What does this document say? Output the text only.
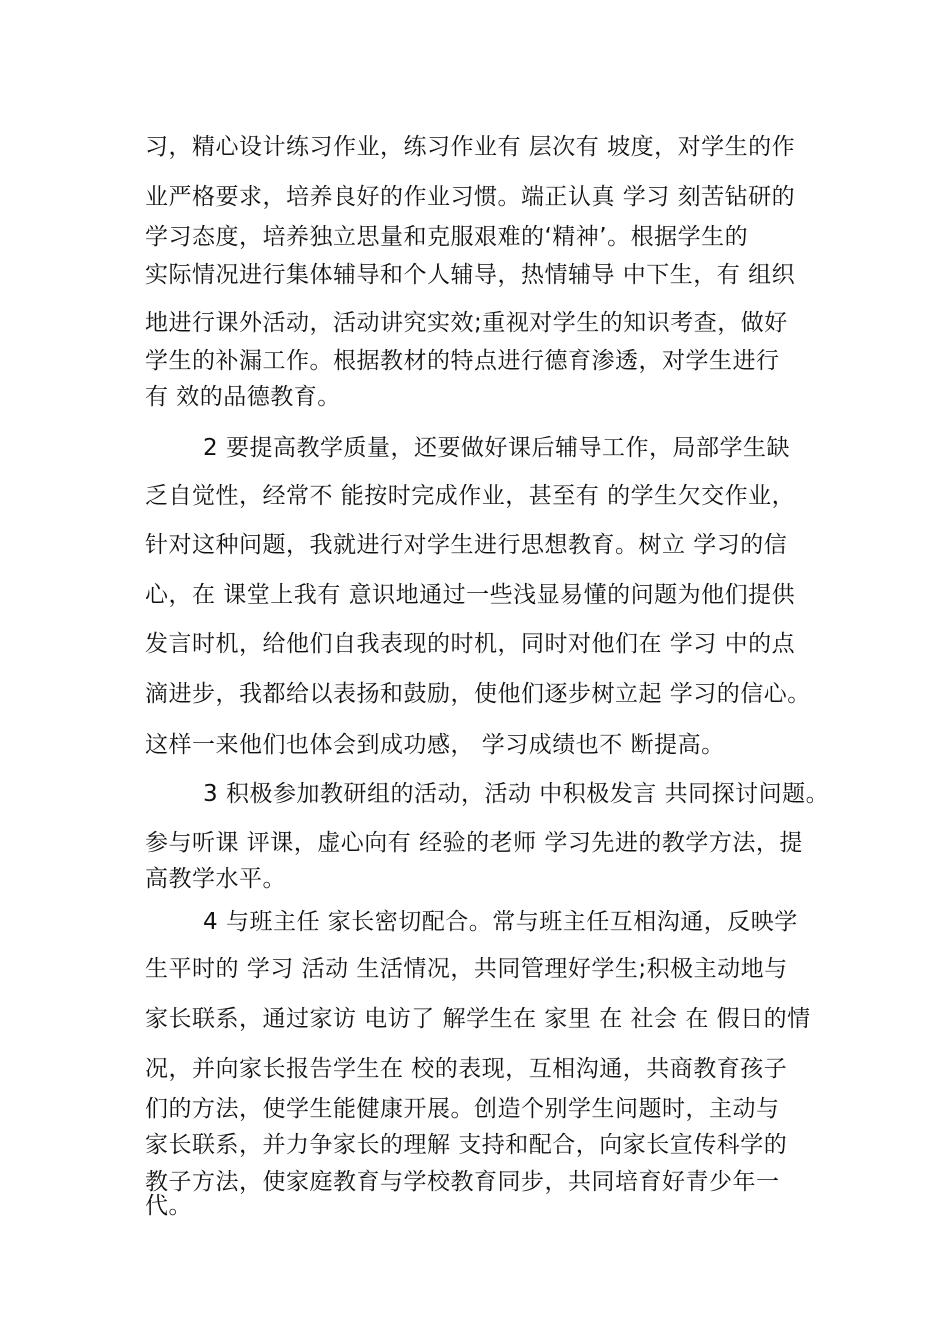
习，精心设计练习作业，练习作业有 层次有 坡度，对学生的作
业严格要求，培养良好的作业习惯。端正认真 学习 刻苦钻研的
学习态度，培养独立思量和克服艰难的‘精神’。根据学生的
实际情况进行集体辅导和个人辅导，热情辅导 中下生，有 组织
地进行课外活动，活动讲究实效;重视对学生的知识考查，做好
学生的补漏工作。根据教材的特点进行德育渗透，对学生进行
有 效的品德教育。
2 要提高教学质量，还要做好课后辅导工作，局部学生缺
乏自觉性，经常不 能按时完成作业，甚至有 的学生欠交作业，
针对这种问题，我就进行对学生进行思想教育。树立 学习的信
心，在 课堂上我有 意识地通过一些浅显易懂的问题为他们提供
发言时机，给他们自我表现的时机，同时对他们在 学习 中的点
滴进步，我都给以表扬和鼓励，使他们逐步树立起 学习的信心。
这样一来他们也体会到成功感， 学习成绩也不 断提高。
3 积极参加教研组的活动，活动 中积极发言 共同探讨问题。
参与听课 评课，虚心向有 经验的老师 学习先进的教学方法，提
高教学水平。
4 与班主任 家长密切配合。常与班主任互相沟通，反映学
生平时的 学习 活动 生活情况，共同管理好学生;积极主动地与
家长联系，通过家访 电访了 解学生在 家里 在 社会 在 假日的情
况，并向家长报告学生在 校的表现，互相沟通，共商教育孩子
们的方法，使学生能健康开展。创造个别学生问题时，主动与
家长联系，并力争家长的理解 支持和配合，向家长宣传科学的
教子方法，使家庭教育与学校教育同步，共同培育好青少年一
代。
